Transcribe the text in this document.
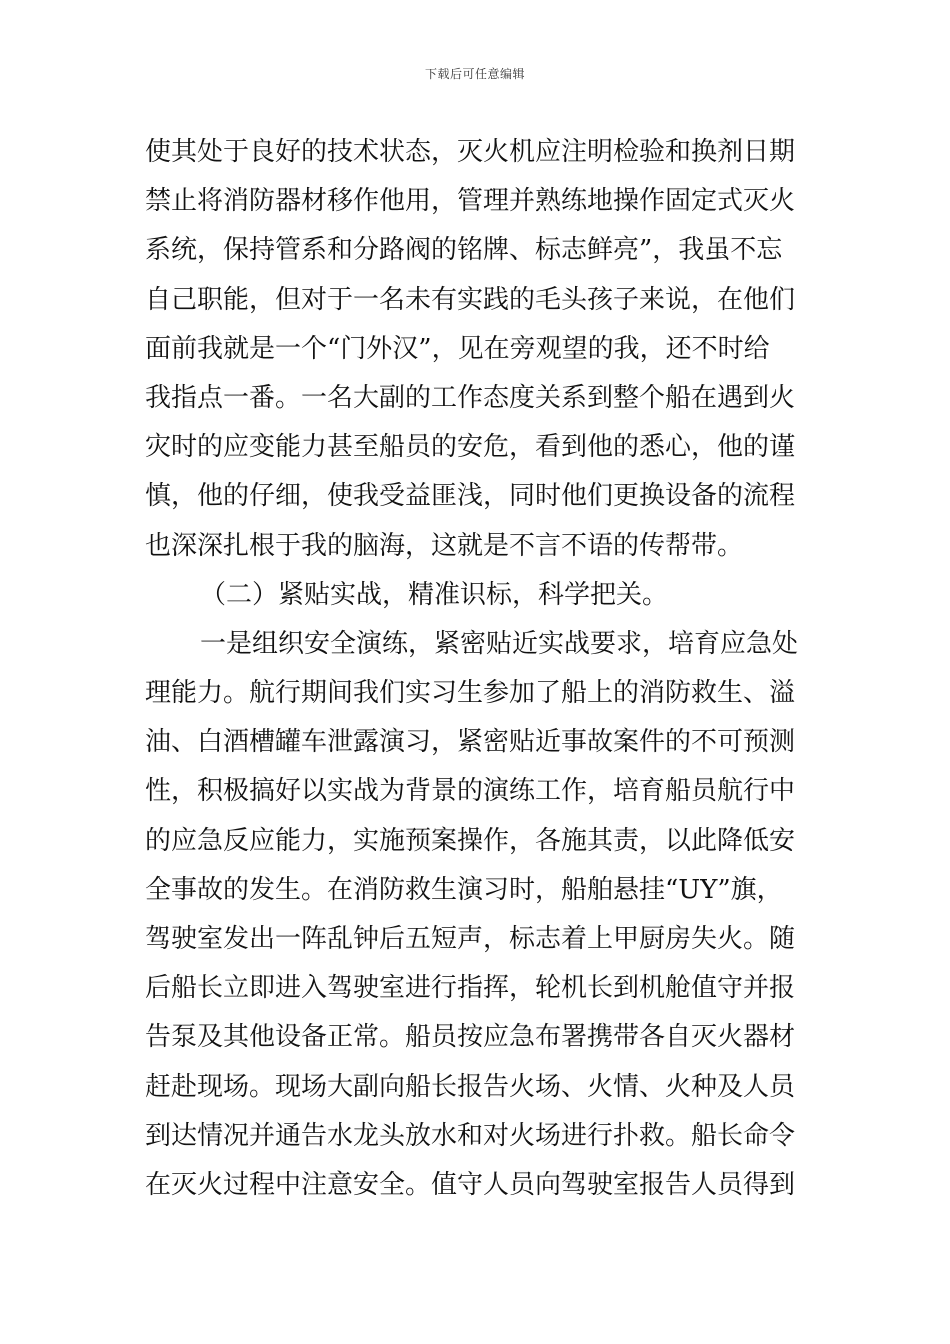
下载后可任意编辑
使其处于良好的技术状态，灭火机应注明检验和换剂日期
禁止将消防器材移作他用，管理并熟练地操作固定式灭火
系统，保持管系和分路阀的铭牌、标志鲜亮”，我虽不忘
自己职能，但对于一名未有实践的毛头孩子来说，在他们
面前我就是一个“门外汉”，见在旁观望的我，还不时给
我指点一番。一名大副的工作态度关系到整个船在遇到火
灾时的应变能力甚至船员的安危，看到他的悉心，他的谨
慎，他的仔细，使我受益匪浅，同时他们更换设备的流程
也深深扎根于我的脑海，这就是不言不语的传帮带。
（二）紧贴实战，精准识标，科学把关。
一是组织安全演练，紧密贴近实战要求，培育应急处
理能力。航行期间我们实习生参加了船上的消防救生、溢
油、白酒槽罐车泄露演习，紧密贴近事故案件的不可预测
性，积极搞好以实战为背景的演练工作，培育船员航行中
的应急反应能力，实施预案操作，各施其责，以此降低安
全事故的发生。在消防救生演习时，船舶悬挂“UY”旗，
驾驶室发出一阵乱钟后五短声，标志着上甲厨房失火。随
后船长立即进入驾驶室进行指挥，轮机长到机舱值守并报
告泵及其他设备正常。船员按应急布署携带各自灭火器材
赶赴现场。现场大副向船长报告火场、火情、火种及人员
到达情况并通告水龙头放水和对火场进行扑救。船长命令
在灭火过程中注意安全。值守人员向驾驶室报告人员得到
